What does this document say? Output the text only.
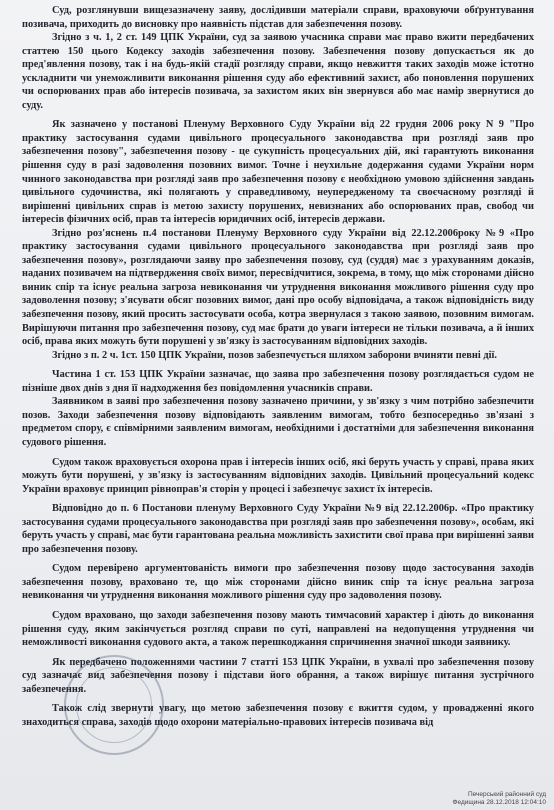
Суд, розглянувши вищезазначену заяву, дослідивши матеріали справи, враховуючи обґрунтування позивача, приходить до висновку про наявність підстав для забезпечення позову.

Згідно з ч. 1, 2 ст. 149 ЦПК України, суд за заявою учасника справи має право вжити передбачених статтею 150 цього Кодексу заходів забезпечення позову. Забезпечення позову допускається як до пред'явлення позову, так і на будь-якій стадії розгляду справи, якщо невжиття таких заходів може істотно ускладнити чи унеможливити виконання рішення суду або ефективний захист, або поновлення порушених чи оспорюваних прав або інтересів позивача, за захистом яких він звернувся або має намір звернутися до суду.

Як зазначено у постанові Пленуму Верховного Суду України від 22 грудня 2006 року N 9 "Про практику застосування судами цивільного процесуального законодавства при розгляді заяв про забезпечення позову", забезпечення позову - це сукупність процесуальних дій, які гарантують виконання рішення суду в разі задоволення позовних вимог. Точне і неухильне додержання судами України норм чинного законодавства при розгляді заяв про забезпечення позову є необхідною умовою здійснення завдань цивільного судочинства, які полягають у справедливому, неупередженому та своєчасному розгляді й вирішенні цивільних справ із метою захисту порушених, невизнаних або оспорюваних прав, свобод чи інтересів фізичних осіб, прав та інтересів юридичних осіб, інтересів держави.

Згідно роз'яснень п.4 постанови Пленуму Верховного суду України від 22.12.2006року №9 «Про практику застосування судами цивільного процесуального законодавства при розгляді заяв про забезпечення позову», розглядаючи заяву про забезпечення позову, суд (суддя) має з урахуванням доказів, наданих позивачем на підтвердження своїх вимог, пересвідчитися, зокрема, в тому, що між сторонами дійсно виник спір та існує реальна загроза невиконання чи утруднення виконання можливого рішення суду про задоволення позову; з'ясувати обсяг позовних вимог, дані про особу відповідача, а також відповідність виду забезпечення позову, який просить застосувати особа, котра звернулася з такою заявою, позовним вимогам. Вирішуючи питання про забезпечення позову, суд має брати до уваги інтереси не тільки позивача, а й інших осіб, права яких можуть бути порушені у зв'язку із застосуванням відповідних заходів.

Згідно з п. 2 ч. 1ст. 150 ЦПК України, позов забезпечується шляхом заборони вчиняти певні дії.

Частина 1 ст. 153 ЦПК України зазначає, що заява про забезпечення позову розглядається судом не пізніше двох днів з дня її надходження без повідомлення учасників справи.

Заявником в заяві про забезпечення позову зазначено причини, у зв'язку з чим потрібно забезпечити позов. Заходи забезпечення позову відповідають заявленим вимогам, тобто безпосередньо зв'язані з предметом спору, є співмірними заявленим вимогам, необхідними і достатніми для забезпечення виконання судового рішення.

Судом також враховується охорона прав і інтересів інших осіб, які беруть участь у справі, права яких можуть бути порушені, у зв'язку із застосуванням відповідних заходів. Цивільний процесуальний кодекс України враховує принцип рівноправ'я сторін у процесі і забезпечує захист їх інтересів.

Відповідно до п. 6 Постанови пленуму Верховного Суду України №9 від 22.12.2006р. «Про практику застосування судами процесуального законодавства при розгляді заяв про забезпечення позову», особам, які беруть участь у справі, має бути гарантована реальна можливість захистити свої права при вирішенні заяви про забезпечення позову.

Судом перевірено аргументованість вимоги про забезпечення позову щодо застосування заходів забезпечення позову, враховано те, що між сторонами дійсно виник спір та існує реальна загроза невиконання чи утруднення виконання можливого рішення суду про задоволення позову.

Судом враховано, що заходи забезпечення позову мають тимчасовий характер і діють до виконання рішення суду, яким закінчується розгляд справи по суті, направлені на недопущення утруднення чи неможливості виконання судового акта, а також перешкоджання спричинення значної шкоди заявнику.

Як передбачено положеннями частини 7 статті 153 ЦПК України, в ухвалі про забезпечення позову суд зазначає вид забезпечення позову і підстави його обрання, а також вирішує питання зустрічного забезпечення.

Також слід звернути увагу, що метою забезпечення позову є вжиття судом, у провадженні якого знаходиться справа, заходів щодо охорони матеріально-правових інтересів позивача від

Печерський районний суд
Федищина 28.12.2018 12:04:10
